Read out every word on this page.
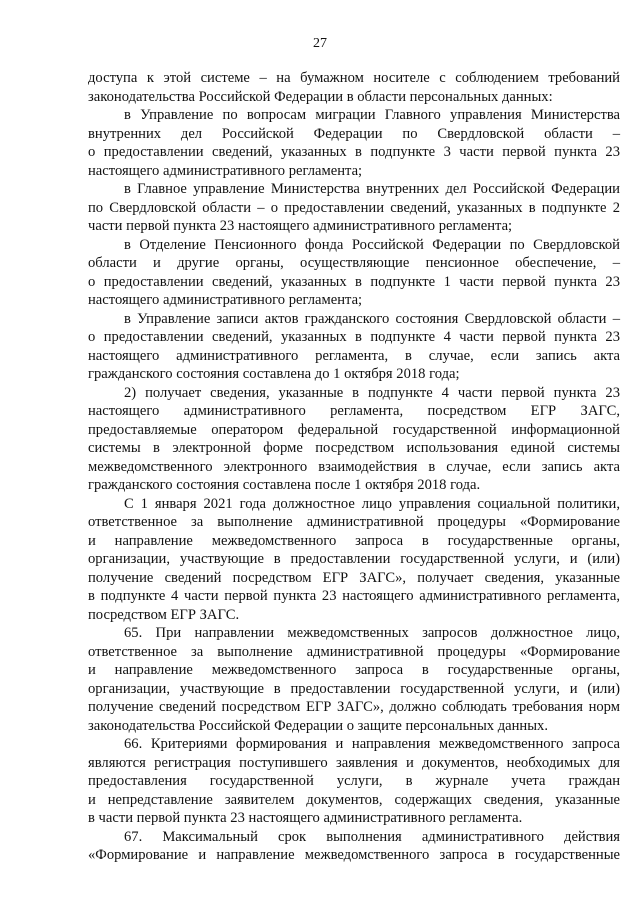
27
доступа к этой системе – на бумажном носителе с соблюдением требований
законодательства Российской Федерации в области персональных данных:
в Управление по вопросам миграции Главного управления Министерства
внутренних дел Российской Федерации по Свердловской области –
о предоставлении сведений, указанных в подпункте 3 части первой пункта 23
настоящего административного регламента;
в Главное управление Министерства внутренних дел Российской Федерации
по Свердловской области – о предоставлении сведений, указанных в подпункте 2
части первой пункта 23 настоящего административного регламента;
в Отделение Пенсионного фонда Российской Федерации по Свердловской
области и другие органы, осуществляющие пенсионное обеспечение, –
о предоставлении сведений, указанных в подпункте 1 части первой пункта 23
настоящего административного регламента;
в Управление записи актов гражданского состояния Свердловской области –
о предоставлении сведений, указанных в подпункте 4 части первой пункта 23
настоящего административного регламента, в случае, если запись акта
гражданского состояния составлена до 1 октября 2018 года;
2) получает сведения, указанные в подпункте 4 части первой пункта 23
настоящего административного регламента, посредством ЕГР ЗАГС,
предоставляемые оператором федеральной государственной информационной
системы в электронной форме посредством использования единой системы
межведомственного электронного взаимодействия в случае, если запись акта
гражданского состояния составлена после 1 октября 2018 года.
С 1 января 2021 года должностное лицо управления социальной политики,
ответственное за выполнение административной процедуры «Формирование
и направление межведомственного запроса в государственные органы,
организации, участвующие в предоставлении государственной услуги, и (или)
получение сведений посредством ЕГР ЗАГС», получает сведения, указанные
в подпункте 4 части первой пункта 23 настоящего административного регламента,
посредством ЕГР ЗАГС.
65. При направлении межведомственных запросов должностное лицо,
ответственное за выполнение административной процедуры «Формирование
и направление межведомственного запроса в государственные органы,
организации, участвующие в предоставлении государственной услуги, и (или)
получение сведений посредством ЕГР ЗАГС», должно соблюдать требования норм
законодательства Российской Федерации о защите персональных данных.
66. Критериями формирования и направления межведомственного запроса
являются регистрация поступившего заявления и документов, необходимых для
предоставления государственной услуги, в журнале учета граждан
и непредставление заявителем документов, содержащих сведения, указанные
в части первой пункта 23 настоящего административного регламента.
67. Максимальный срок выполнения административного действия
«Формирование и направление межведомственного запроса в государственные
